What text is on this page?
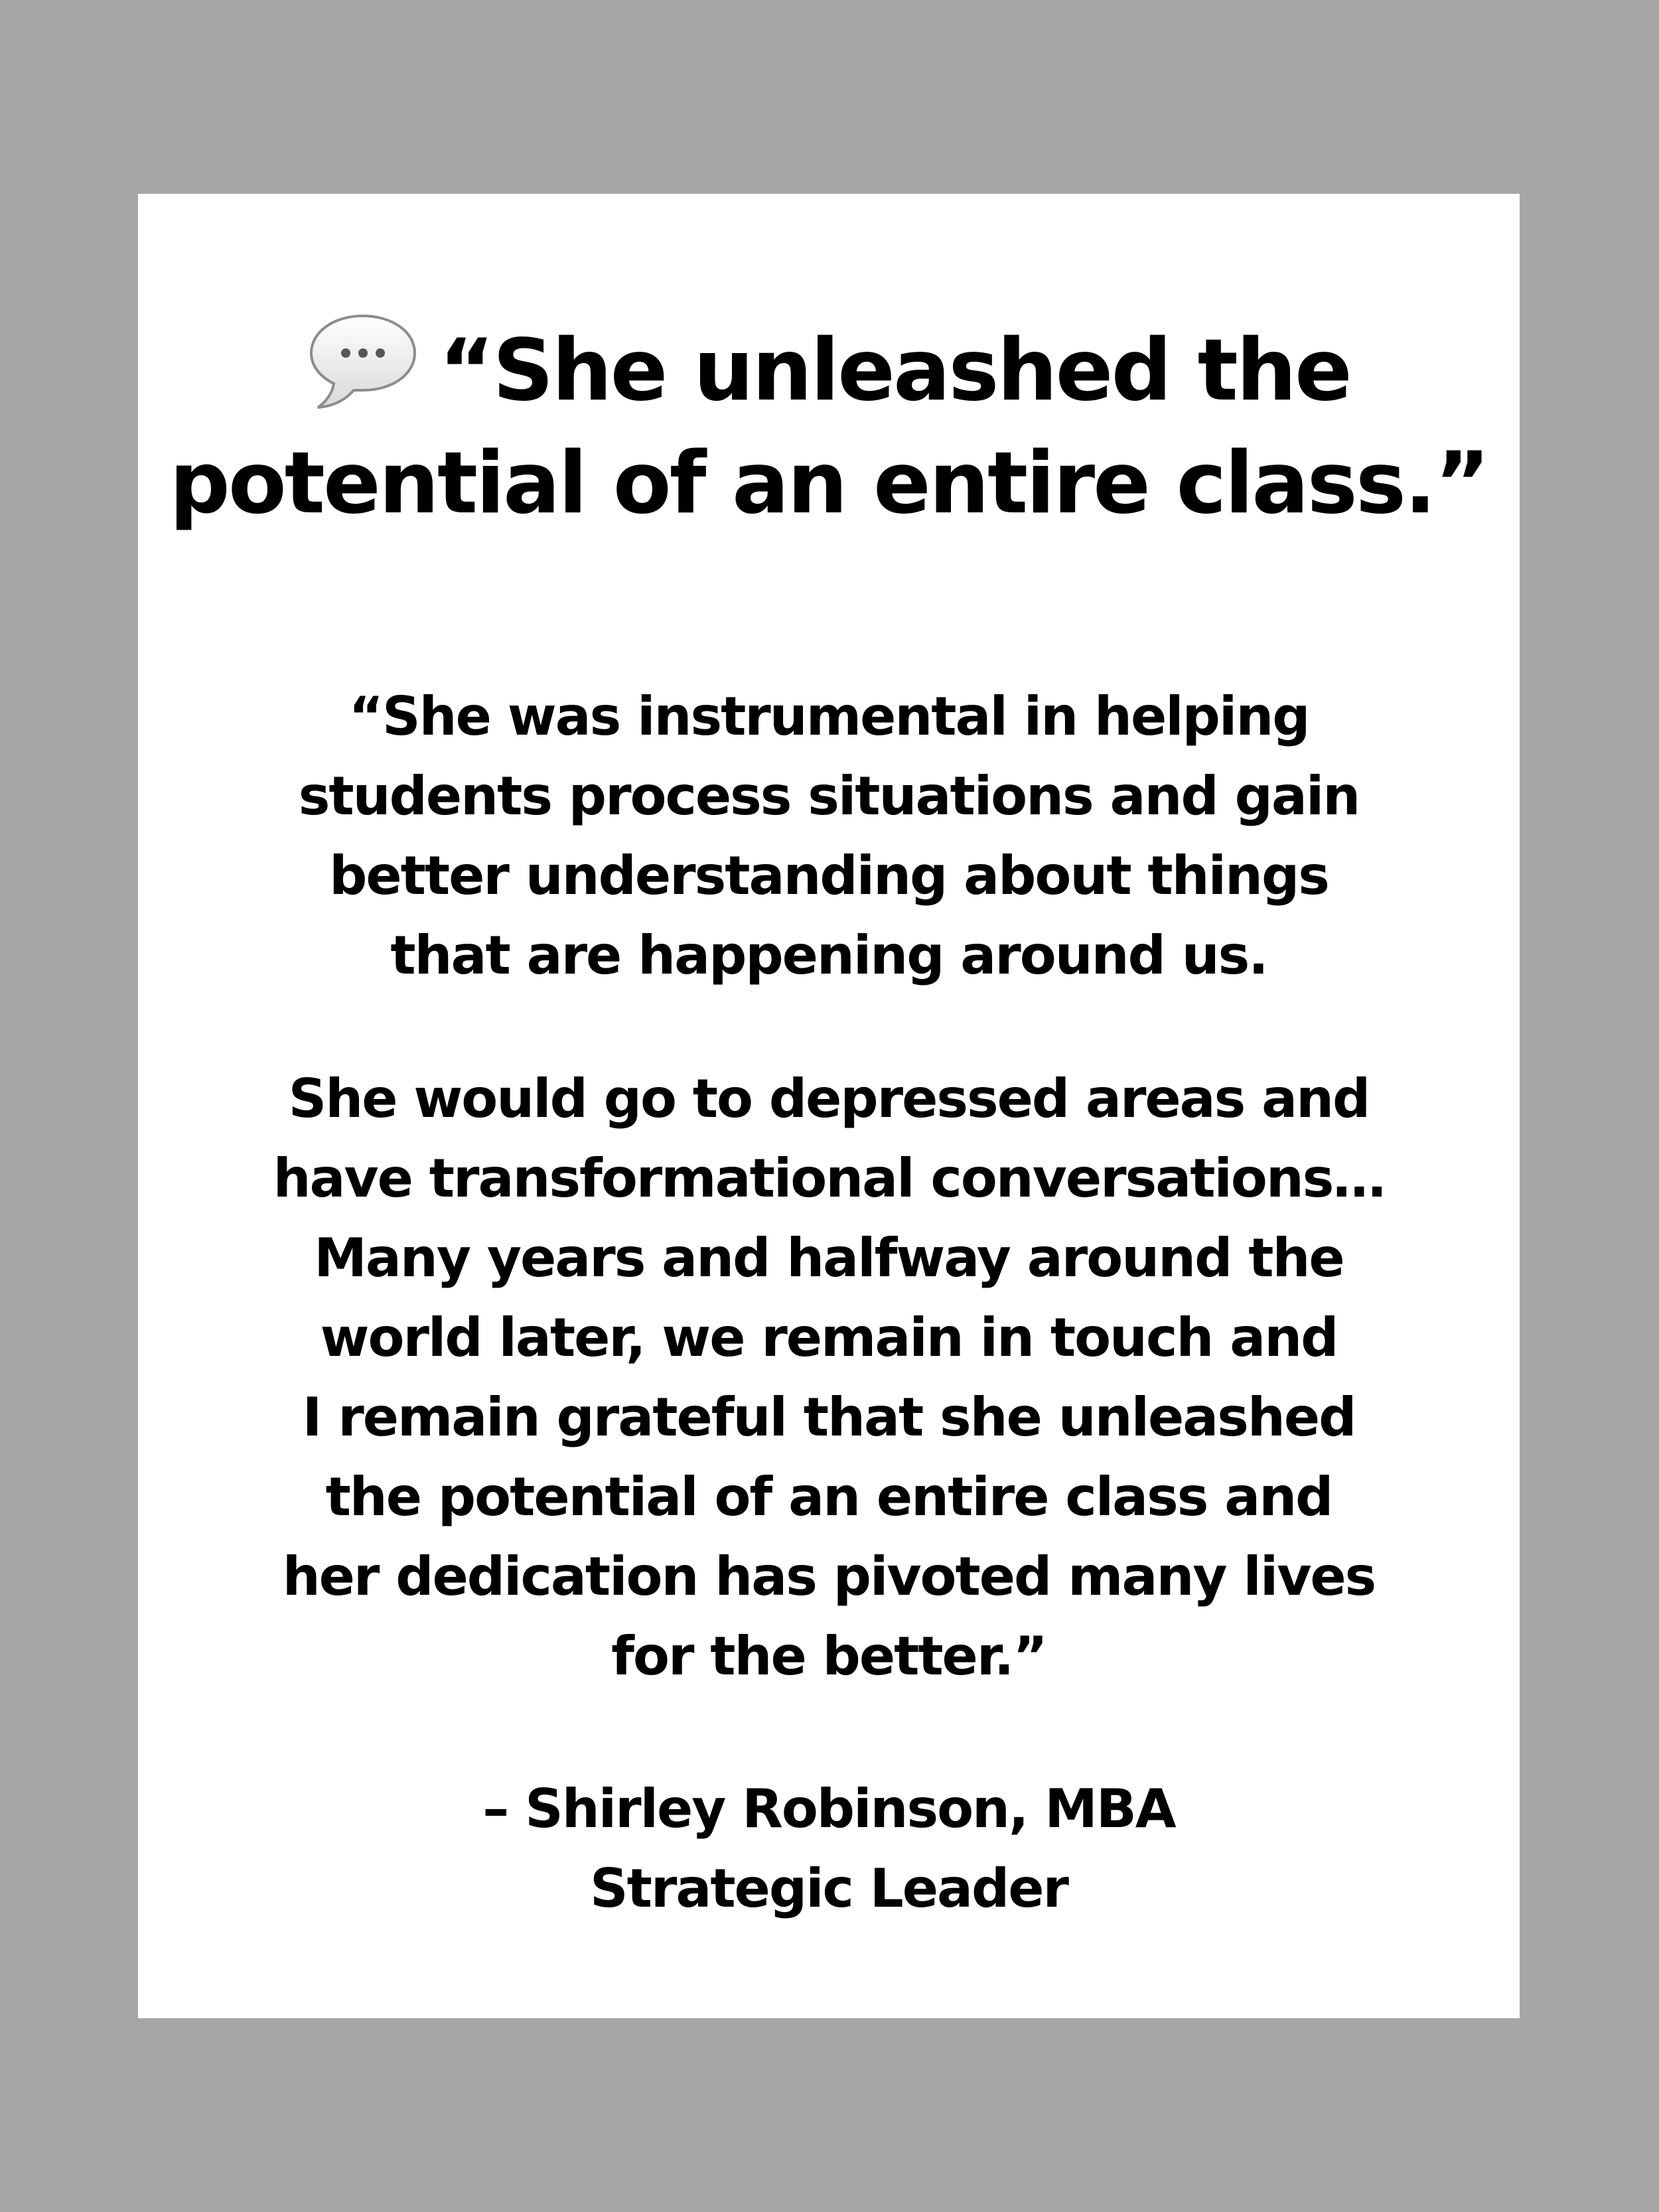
“She unleashed the
potential of an entire class.”
“She was instrumental in helping
students process situations and gain
better understanding about things
that are happening around us.
She would go to depressed areas and
have transformational conversations…
Many years and halfway around the
world later, we remain in touch and
I remain grateful that she unleashed
the potential of an entire class and
her dedication has pivoted many lives
for the better.”
– Shirley Robinson, MBA
Strategic Leader
